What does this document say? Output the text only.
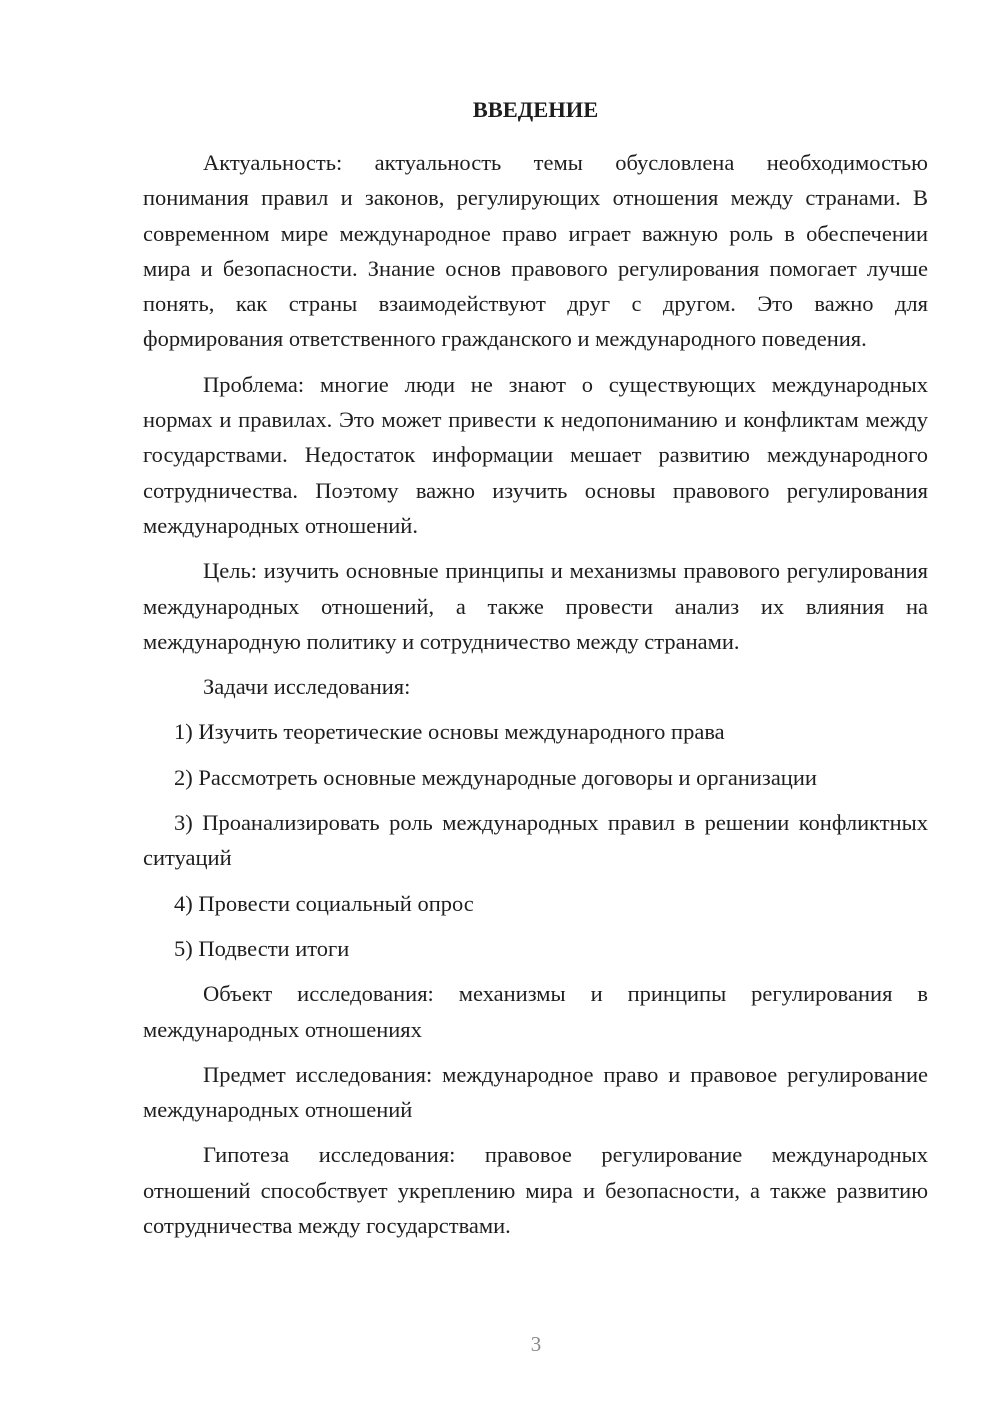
ВВЕДЕНИЕ

Актуальность: актуальность темы обусловлена необходимостью понимания правил и законов, регулирующих отношения между странами. В современном мире международное право играет важную роль в обеспечении мира и безопасности. Знание основ правового регулирования помогает лучше понять, как страны взаимодействуют друг с другом. Это важно для формирования ответственного гражданского и международного поведения.

Проблема: многие люди не знают о существующих международных нормах и правилах. Это может привести к недопониманию и конфликтам между государствами. Недостаток информации мешает развитию международного сотрудничества. Поэтому важно изучить основы правового регулирования международных отношений.

Цель: изучить основные принципы и механизмы правового регулирования международных отношений, а также провести анализ их влияния на международную политику и сотрудничество между странами.

Задачи исследования:

1) Изучить теоретические основы международного права

2) Рассмотреть основные международные договоры и организации

3) Проанализировать роль международных правил в решении конфликтных ситуаций

4) Провести социальный опрос

5) Подвести итоги

Объект исследования: механизмы и принципы регулирования в международных отношениях

Предмет исследования: международное право и правовое регулирование международных отношений

Гипотеза исследования: правовое регулирование международных отношений способствует укреплению мира и безопасности, а также развитию сотрудничества между государствами.

3
